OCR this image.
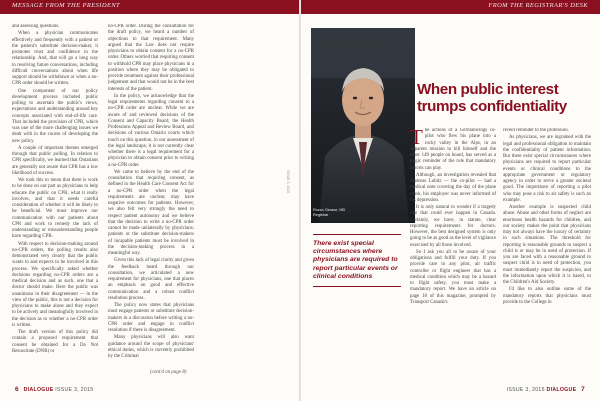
MESSAGE FROM THE PRESIDENT

and assessing questions.

When a physician communicates effectively and frequently with a patient or the patient's substitute decision-maker, it promotes trust and confidence in the relationship. And, that will go a long way to resolving future conversations, including difficult conversations about when life support should be withdrawn or when a no-CPR order should be written.

One component of our policy development process included public polling to ascertain the public's views, expectations and understanding around key concepts associated with end-of-life care. That included the provision of CPR, which was one of the more challenging issues we dealt with in the course of developing the new policy.

A couple of important themes emerged through that public polling. In relation to CPR specifically, we learned that Ontarians are generally not aware that CPR has a low likelihood of success.

We took this to mean that there is work to be done on our part as physicians to help educate the public on CPR, what it really involves, and that it needs careful consideration of whether it will be likely to be beneficial. We must improve our communication with our patients about CPR and work to remedy the lack of understanding or misunderstanding people have regarding CPR.

With respect to decision-making around no-CPR orders, the polling results also demonstrated very clearly that the public wants to and expects to be involved in this process. We specifically asked whether decisions regarding no-CPR orders are a medical decision and as such, one that a doctor should make. Here the public was unanimous in their disagreement — in the view of the public, this is not a decision for physicians to make alone and they expect to be actively and meaningfully involved in the decision as to whether a no-CPR order is written.

The draft version of this policy did contain a proposed requirement that consent be obtained for a Do Not Resuscitate (DNR) or

no-CPR order. During the consultation for the draft policy, we heard a number of objections to that requirement. Many argued that the Law does not require physicians to obtain consent for a no-CPR order. Others worried that requiring consent to withhold CPR may place physicians in a position where they may be obligated to provide treatment against their professional judgement and that would not be in the best interests of the patient.

In the policy, we acknowledge that the legal requirements regarding consent to a no-CPR order are unclear. While we are aware of and reviewed decisions of the Consent and Capacity Board, the Health Professions Appeal and Review Board, and decisions of various Ontario courts which touch on this question, in our assessment of the legal landscape, it is not currently clear whether there is a legal requirement for a physician to obtain consent prior to writing a no-CPR order.

We came to believe by the end of the consultation that requiring consent, as defined in the Health Care Consent Act for a no-CPR order when the legal requirements are unclear, may have negative outcomes for patients. However, we also felt very strongly the need to respect patient autonomy and we believe that the decision to write a no-CPR order cannot be made unilaterally by physicians: patients or the substitute decision-makers of incapable patients must be involved in the decision-making process in a meaningful way.

Given this lack of legal clarity and given the feedback heard through our consultation, we articulated a new requirement for physicians, one that places an emphasis on good and effective communication and a robust conflict resolution process.

The policy now states that physicians must engage patients or substitute decision-makers in a discussion before writing a no-CPR order and engage in conflict resolution if there is disagreement.

Many physicians will also want guidance around the scope of physicians' ethical duties, which is currently prohibited by the Criminal

(cont'd on page 8)
ISSUE 3, 2015
6 DIALOGUE ISSUE 3, 2015
FROM THE REGISTRAR'S DESK
Rocco Gerace, MD
Registrar
When public interest trumps confidentiality
There exist special circumstances where physicians are required to report particular events or clinical conditions

The actions of a Germanwings co-pilot who flew his plane into a rocky valley in the Alps, in an apparent mission to kill himself and the other 149 people on board, has served as a tragic reminder of the role that mandatory reports can play.

Although, an investigation revealed that Andreas Lubitz — the co-pilot — had a medical note covering the day of the plane crash, his employer was never informed of his depression.

It is only natural to wonder if a tragedy like that could ever happen in Canada. Certainly, we have, in statute, clear reporting requirements for doctors. However, the best designed system is only going to be as good as the level of vigilance exercised by all those involved.

So I ask you all to be aware of your obligations and fulfill your duty. If you provide care to any pilot, air traffic controller or flight engineer that has a medical condition which may be a hazard to flight safety, you must make a mandatory report. We have an article on page 18 of this magazine, prompted by Transport Canada's

recent reminder to the profession.

As physicians, we are ingrained with the legal and professional obligation to maintain the confidentiality of patient information. But there exist special circumstances where physicians are required to report particular events or clinical conditions to the appropriate government or regulatory agency in order to serve a greater societal good. The importance of reporting a pilot who may pose a risk to air safety is such an example.

Another example is suspected child abuse. Abuse and other forms of neglect are enormous health hazards for children, and our society makes the point that physicians may not always have the luxury of certainty in such situations. The threshold for reporting is reasonable grounds to suspect a child is or may be in need of protection. If you are faced with a reasonable ground to suspect child is in need of protection, you must immediately report the suspicion, and the information upon which it is based, to the Children's Aid Society.

I'd like to also outline some of the mandatory reports that physicians must provide to the College in

ISSUE 3, 2015 DIALOGUE 7
